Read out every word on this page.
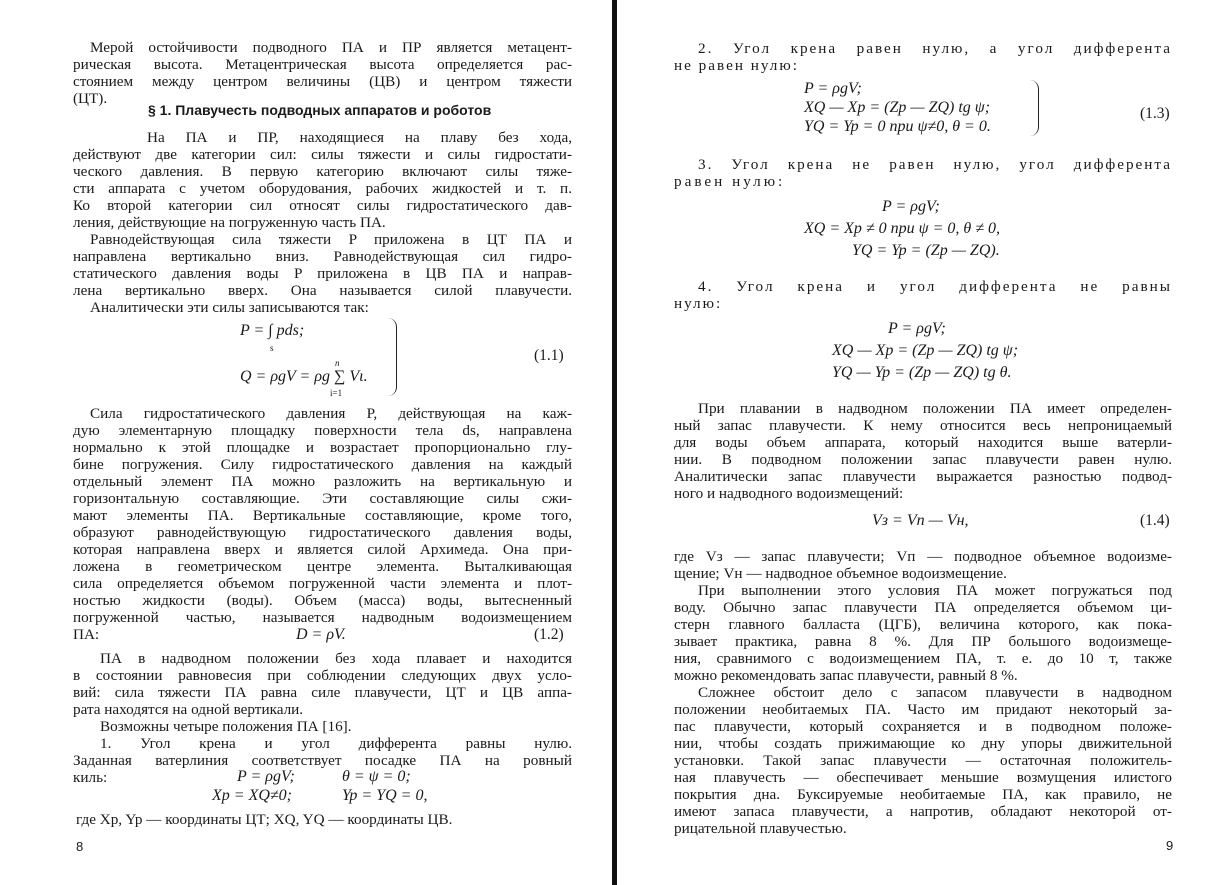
Мерой остойчивости подводного ПА и ПР является метацент-
рическая высота. Метацентрическая высота определяется рас-
стоянием между центром величины (ЦВ) и центром тяжести
(ЦТ).
§ 1. Плавучесть подводных аппаратов и роботов
На ПА и ПР, находящиеся на плаву без хода,
действуют две категории сил: силы тяжести и силы гидростати-
ческого давления. В первую категорию включают силы тяже-
сти аппарата с учетом оборудования, рабочих жидкостей и т. п.
Ко второй категории сил относят силы гидростатического дав-
ления, действующие на погруженную часть ПА.
Равнодействующая сила тяжести P приложена в ЦТ ПА и
направлена вертикально вниз. Равнодействующая сил гидро-
статического давления воды P приложена в ЦВ ПА и направ-
лена вертикально вверх. Она называется силой плавучести.
Аналитически эти силы записываются так:
P = ∫ pds;
s
n
Q = ρgV = ρg ∑ Vι.
i=1
(1.1)
Сила гидростатического давления P, действующая на каж-
дую элементарную площадку поверхности тела ds, направлена
нормально к этой площадке и возрастает пропорционально глу-
бине погружения. Силу гидростатического давления на каждый
отдельный элемент ПА можно разложить на вертикальную и
горизонтальную составляющие. Эти составляющие силы сжи-
мают элементы ПА. Вертикальные составляющие, кроме того,
образуют равнодействующую гидростатического давления воды,
которая направлена вверх и является силой Архимеда. Она при-
ложена в геометрическом центре элемента. Выталкивающая
сила определяется объемом погруженной части элемента и плот-
ностью жидкости (воды). Объем (масса) воды, вытесненный
погруженной частью, называется надводным водоизмещением
ПА:	D = ρV.	(1.2)
ПА в надводном положении без хода плавает и находится
в состоянии равновесия при соблюдении следующих двух усло-
вий: сила тяжести ПА равна силе плавучести, ЦТ и ЦВ аппа-
рата находятся на одной вертикали.
Возможны четыре положения ПА [16].
1. Угол крена и угол дифферента равны нулю.
Заданная ватерлиния соответствует посадке ПА на ровный
киль:	P = ρgV;	θ = ψ = 0;
Xp = XQ≠0;	Yp = YQ = 0,
где Xp, Yp — координаты ЦТ; XQ, YQ — координаты ЦВ.
8
2. Угол крена равен нулю, а угол дифферента
не равен нулю:
P = ρgV;
XQ — Xp = (Zp — ZQ) tg ψ;
YQ = Yp = 0 при ψ≠0, θ = 0.
(1.3)
3. Угол крена не равен нулю, угол дифферента
равен нулю:
P = ρgV;
XQ = Xp ≠ 0 при ψ = 0, θ ≠ 0,
YQ = Yp = (Zp — ZQ).
4. Угол крена и угол дифферента не равны
нулю:
P = ρgV;
XQ — Xp = (Zp — ZQ) tg ψ;
YQ — Yp = (Zp — ZQ) tg θ.
При плавании в надводном положении ПА имеет определен-
ный запас плавучести. К нему относится весь непроницаемый
для воды объем аппарата, который находится выше ватерли-
нии. В подводном положении запас плавучести равен нулю.
Аналитически запас плавучести выражается разностью подвод-
ного и надводного водоизмещений:
Vз = Vп — Vн,	(1.4)
где Vз — запас плавучести; Vп — подводное объемное водоизме-
щение; Vн — надводное объемное водоизмещение.
При выполнении этого условия ПА может погружаться под
воду. Обычно запас плавучести ПА определяется объемом ци-
стерн главного балласта (ЦГБ), величина которого, как пока-
зывает практика, равна 8 %. Для ПР большого водоизмеще-
ния, сравнимого с водоизмещением ПА, т. е. до 10 т, также
можно рекомендовать запас плавучести, равный 8 %.
Сложнее обстоит дело с запасом плавучести в надводном
положении необитаемых ПА. Часто им придают некоторый за-
пас плавучести, который сохраняется и в подводном положе-
нии, чтобы создать прижимающие ко дну упоры движительной
установки. Такой запас плавучести — остаточная положитель-
ная плавучесть — обеспечивает меньшие возмущения илистого
покрытия дна. Буксируемые необитаемые ПА, как правило, не
имеют запаса плавучести, а напротив, обладают некоторой от-
рицательной плавучестью.
9
